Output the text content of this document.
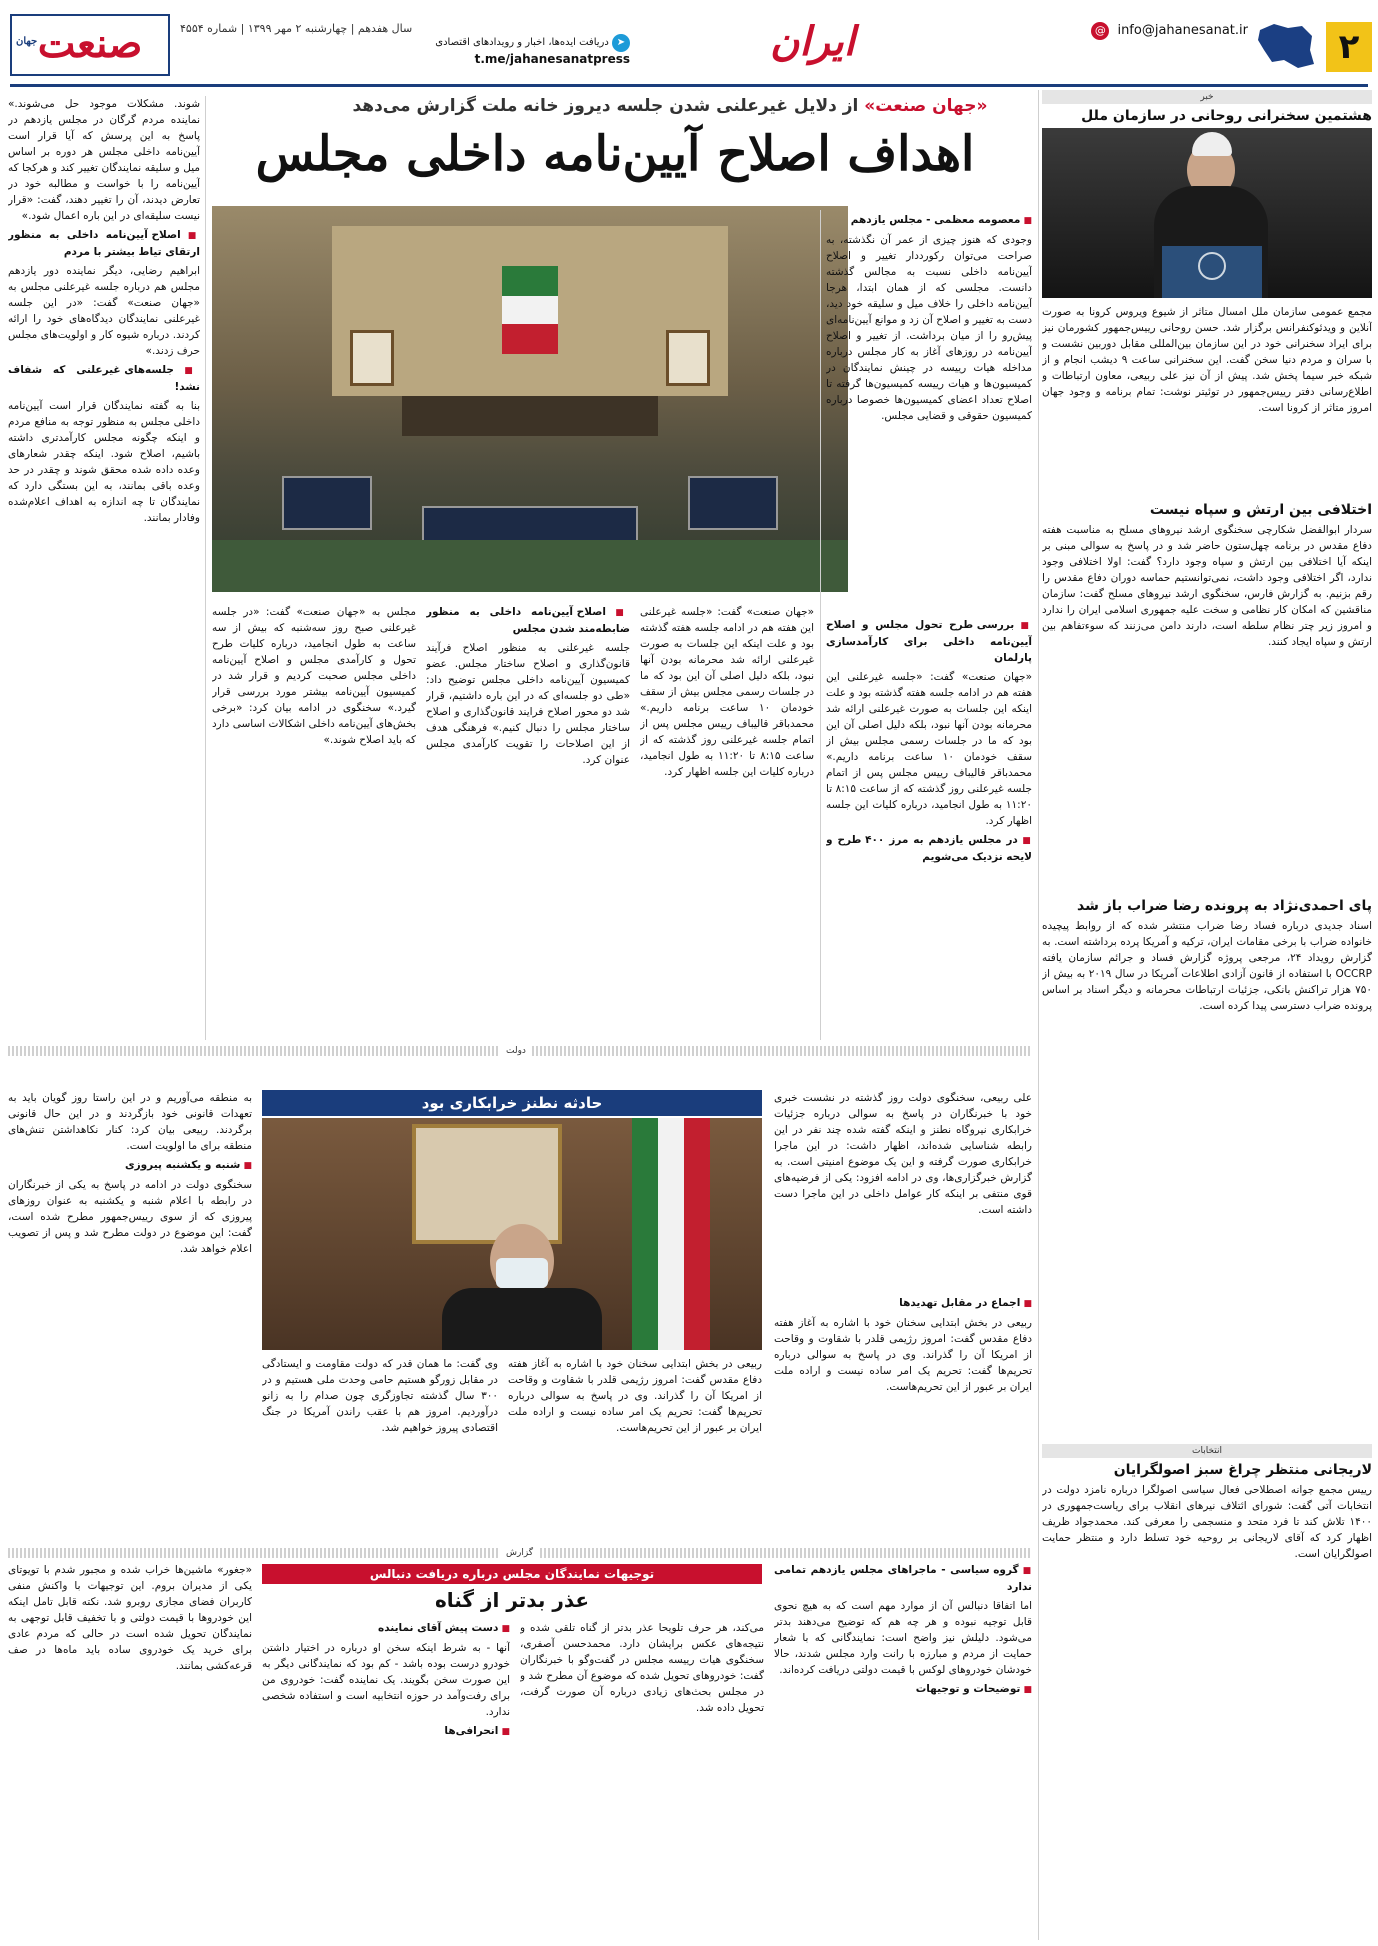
۲
@ info@jahanesanat.ir
ایران
➤ دریافت ایده‌ها، اخبار و رویدادهای اقتصادی
t.me/jahanesanatpress
سال هفدهم | چهارشنبه ۲ مهر ۱۳۹۹ | شماره ۴۵۵۴
جهان صنعت
خبر
هشتمین سخنرانی روحانی در سازمان ملل
مجمع عمومی سازمان ملل امسال متاثر از شیوع ویروس کرونا به صورت آنلاین و ویدئوکنفرانس برگزار شد. حسن روحانی رییس‌جمهور کشورمان نیز برای ایراد سخنرانی خود در این سازمان بین‌المللی مقابل دوربین نشست و با سران و مردم دنیا سخن گفت. این سخنرانی ساعت ۹ دیشب انجام و از شبکه خبر سیما پخش شد. پیش از آن نیز علی ربیعی، معاون ارتباطات و اطلاع‌رسانی دفتر رییس‌جمهور در توئیتر نوشت: تمام برنامه و وجود جهان امروز متاثر از کرونا است.
اختلافی بین ارتش و سپاه نیست
سردار ابوالفضل شکارچی سخنگوی ارشد نیروهای مسلح به مناسبت هفته دفاع مقدس در برنامه چهل‌ستون حاضر شد و در پاسخ به سوالی مبنی بر اینکه آیا اختلافی بین ارتش و سپاه وجود دارد؟ گفت: اولا اختلافی وجود ندارد، اگر اختلافی وجود داشت، نمی‌توانستیم حماسه دوران دفاع مقدس را رقم بزنیم. به گزارش فارس، سخنگوی ارشد نیروهای مسلح گفت: سازمان مناقشین که امکان کار نظامی و سخت علیه جمهوری اسلامی ایران را ندارد و امروز زیر چتر نظام سلطه است، دارند دامن می‌زنند که سوءتفاهم بین ارتش و سپاه ایجاد کنند.
پای احمدی‌نژاد به پرونده رضا ضراب باز شد
اسناد جدیدی درباره فساد رضا ضراب منتشر شده که از روابط پیچیده خانواده ضراب با برخی مقامات ایران، ترکیه و آمریکا پرده برداشته است. به گزارش رویداد ۲۴، مرجعی پروژه گزارش فساد و جرائم سازمان یافته OCCRP با استفاده از قانون آزادی اطلاعات آمریکا در سال ۲۰۱۹ به بیش از ۷۵۰ هزار تراکنش بانکی، جزئیات ارتباطات محرمانه و دیگر اسناد بر اساس پرونده ضراب دسترسی پیدا کرده است.
انتخابات
لاریجانی منتظر چراغ سبز اصولگرایان
رییس مجمع جوانه اصطلاحی فعال سیاسی اصولگرا درباره نامزد دولت در انتخابات آتی گفت: شورای ائتلاف نیرهای انقلاب برای ریاست‌جمهوری در ۱۴۰۰ تلاش کند تا فرد متحد و منسجمی را معرفی کند. محمدجواد ظریف اظهار کرد که آقای لاریجانی بر روحیه خود تسلط دارد و منتظر حمایت اصولگرایان است.
«جهان صنعت» از دلایل غیرعلنی شدن جلسه دیروز خانه ملت گزارش می‌دهد
اهداف اصلاح آیین‌نامه داخلی مجلس

■ معصومه معظمی - مجلس یازدهم

وجودی که هنوز چیزی از عمر آن نگذشته، به صراحت می‌توان رکورددار تغییر و اصلاح آیین‌نامه داخلی نسبت به مجالس گذشته دانست. مجلسی که از همان ابتدا، هرجا آیین‌نامه داخلی را خلاف میل و سلیقه خود دید، دست به تغییر و اصلاح آن زد و موانع آیین‌نامه‌ای پیش‌رو را از میان برداشت. از تغییر و اصلاح آیین‌نامه در روزهای آغاز به کار مجلس درباره مداخله هیات رییسه در چینش نمایندگان در کمیسیون‌ها و هیات رییسه کمیسیون‌ها گرفته تا اصلاح تعداد اعضای کمیسیون‌ها خصوصا درباره کمیسیون حقوقی و قضایی مجلس.

■ بررسی طرح تحول مجلس و اصلاح آیین‌نامه داخلی برای کارآمدسازی پارلمان

«جهان صنعت» گفت: «جلسه غیرعلنی این هفته هم در ادامه جلسه هفته گذشته بود و علت اینکه این جلسات به صورت غیرعلنی ارائه شد محرمانه بودن آنها نبود، بلکه دلیل اصلی آن این بود که ما در جلسات رسمی مجلس بیش از سقف خودمان ۱۰ ساعت برنامه داریم.» محمدباقر قالیباف رییس مجلس پس از اتمام جلسه غیرعلنی روز گذشته که از ساعت ۸:۱۵ تا ۱۱:۲۰ به طول انجامید، درباره کلیات این جلسه اظهار کرد.

■ در مجلس یازدهم به مرز ۴۰۰ طرح و لایحه نزدیک می‌شویم

«جهان صنعت» گفت: «جلسه غیرعلنی این هفته هم در ادامه جلسه هفته گذشته بود و علت اینکه این جلسات به صورت غیرعلنی ارائه شد محرمانه بودن آنها نبود، بلکه دلیل اصلی آن این بود که ما در جلسات رسمی مجلس بیش از سقف خودمان ۱۰ ساعت برنامه داریم.» محمدباقر قالیباف رییس مجلس پس از اتمام جلسه غیرعلنی روز گذشته که از ساعت ۸:۱۵ تا ۱۱:۲۰ به طول انجامید، درباره کلیات این جلسه اظهار کرد.

■ اصلاح آیین‌نامه داخلی به منظور ضابطه‌مند شدن مجلس

جلسه غیرعلنی به منظور اصلاح فرآیند قانون‌گذاری و اصلاح ساختار مجلس. عضو کمیسیون آیین‌نامه داخلی مجلس توضیح داد: «طی دو جلسه‌ای که در این باره داشتیم، قرار شد دو محور اصلاح فرایند قانون‌گذاری و اصلاح ساختار مجلس را دنبال کنیم.» فرهنگی هدف از این اصلاحات را تقویت کارآمدی مجلس عنوان کرد.

مجلس به «جهان صنعت» گفت: «در جلسه غیرعلنی صبح روز سه‌شنبه که بیش از سه ساعت به طول انجامید، درباره کلیات طرح تحول و کارآمدی مجلس و اصلاح آیین‌نامه داخلی مجلس صحبت کردیم و قرار شد در کمیسیون آیین‌نامه بیشتر مورد بررسی قرار گیرد.» سخنگوی در ادامه بیان کرد: «برخی بخش‌های آیین‌نامه داخلی اشکالات اساسی دارد که باید اصلاح شوند.»

شوند. مشکلات موجود حل می‌شوند.» نماینده مردم گرگان در مجلس یازدهم در پاسخ به این پرسش که آیا قرار است آیین‌نامه داخلی مجلس هر دوره بر اساس میل و سلیقه نمایندگان تغییر کند و هرکجا که آیین‌نامه را با خواست و مطالبه خود در تعارض دیدند، آن را تغییر دهند، گفت: «قرار نیست سلیقه‌ای در این باره اعمال شود.»

■ اصلاح آیین‌نامه داخلی به منظور ارتقای تیاط بیشتر با مردم

ابراهیم رضایی، دیگر نماینده دور یازدهم مجلس هم درباره جلسه غیرعلنی مجلس به «جهان صنعت» گفت: «در این جلسه غیرعلنی نمایندگان دیدگاه‌های خود را ارائه کردند. درباره شیوه کار و اولویت‌های مجلس حرف زدند.»

■ جلسه‌های غیرعلنی که شفاف نشد!

بنا به گفته نمایندگان قرار است آیین‌نامه داخلی مجلس به منظور توجه به منافع مردم و اینکه چگونه مجلس کارآمدتری داشته باشیم، اصلاح شود. اینکه چقدر شعارهای وعده داده شده محقق شوند و چقدر در حد وعده باقی بمانند، به این بستگی دارد که نمایندگان تا چه اندازه به اهداف اعلام‌شده وفادار بمانند.

دولت
حادثه نطنز خرابکاری بود	علی ربیعی، سخنگوی دولت روز گذشته در نشست خبری خود با خبرنگاران در پاسخ به سوالی درباره جزئیات خرابکاری نیروگاه نطنز و اینکه گفته شده چند نفر در این رابطه شناسایی شده‌اند، اظهار داشت: در این ماجرا خرابکاری صورت گرفته و این یک موضوع امنیتی است. به گزارش خبرگزاری‌ها، وی در ادامه افزود: یکی از فرضیه‌های قوی منتفی بر اینکه کار عوامل داخلی در این ماجرا دست داشته است.

■ اجماع در مقابل تهدیدها

ربیعی در بخش ابتدایی سخنان خود با اشاره به آغاز هفته دفاع مقدس گفت: امروز رژیمی قلدر با شقاوت و وقاحت از امریکا آن را گذراند. وی در پاسخ به سوالی درباره تحریم‌ها گفت: تحریم یک امر ساده نیست و اراده ملت ایران بر عبور از این تحریم‌هاست.

ربیعی در بخش ابتدایی سخنان خود با اشاره به آغاز هفته دفاع مقدس گفت: امروز رژیمی قلدر با شقاوت و وقاحت از امریکا آن را گذراند. وی در پاسخ به سوالی درباره تحریم‌ها گفت: تحریم یک امر ساده نیست و اراده ملت ایران بر عبور از این تحریم‌هاست.

وی گفت: ما همان قدر که دولت مقاومت و ایستادگی در مقابل زورگو هستیم حامی وحدت ملی هستیم و در ۳۰۰ سال گذشته تجاوزگری چون صدام را به زانو درآوردیم. امروز هم با عقب راندن آمریکا در جنگ اقتصادی پیروز خواهیم شد.

به منطقه می‌آوریم و در این راستا روز گویان باید به تعهدات قانونی خود بازگردند و در این حال قانونی برگردند. ربیعی بیان کرد: کنار نکاهداشتن تنش‌های منطقه برای ما اولویت است.

■ شنبه و یکشنبه پیروزی

سخنگوی دولت در ادامه در پاسخ به یکی از خبرنگاران در رابطه با اعلام شنبه و یکشنبه به عنوان روزهای پیروزی که از سوی رییس‌جمهور مطرح شده است، گفت: این موضوع در دولت مطرح شد و پس از تصویب اعلام خواهد شد.

گزارش
توجیهات نمایندگان مجلس درباره دریافت دنبالس
عذر بدتر از گناه

■ گروه سیاسی - ماجراهای مجلس یازدهم تمامی ندارد

اما اتفاقا دنبالس آن از موارد مهم است که به هیچ نحوی قابل توجیه نبوده و هر چه هم که توضیح می‌دهند بدتر می‌شود. دلیلش نیز واضح است: نمایندگانی که با شعار حمایت از مردم و مبارزه با رانت وارد مجلس شدند، حالا خودشان خودروهای لوکس با قیمت دولتی دریافت کرده‌اند.

■ توضیحات و توجیهات

می‌کند، هر حرف تلویحا عذر بدتر از گناه تلقی شده و نتیجه‌های عکس برایشان دارد. محمدحسن آصفری، سخنگوی هیات رییسه مجلس در گفت‌وگو با خبرنگاران گفت: خودروهای تحویل شده که موضوع آن مطرح شد و در مجلس بحث‌های زیادی درباره آن صورت گرفت، تحویل داده شد.

■ دست پیش آقای نماینده

آنها - به شرط اینکه سخن او درباره در اختیار داشتن خودرو درست بوده باشد - کم بود که نمایندگانی دیگر به این صورت سخن بگویند. یک نماینده گفت: خودروی من برای رفت‌وآمد در حوزه انتخابیه است و استفاده شخصی ندارد.

■ انحرافی‌ها

«جغور» ماشین‌ها خراب شده و مجبور شدم با تویوتای یکی از مدیران بروم. این توجیهات با واکنش منفی کاربران فضای مجازی روبرو شد. نکته قابل تامل اینکه این خودروها با قیمت دولتی و با تخفیف قابل توجهی به نمایندگان تحویل شده است در حالی که مردم عادی برای خرید یک خودروی ساده باید ماه‌ها در صف قرعه‌کشی بمانند.
